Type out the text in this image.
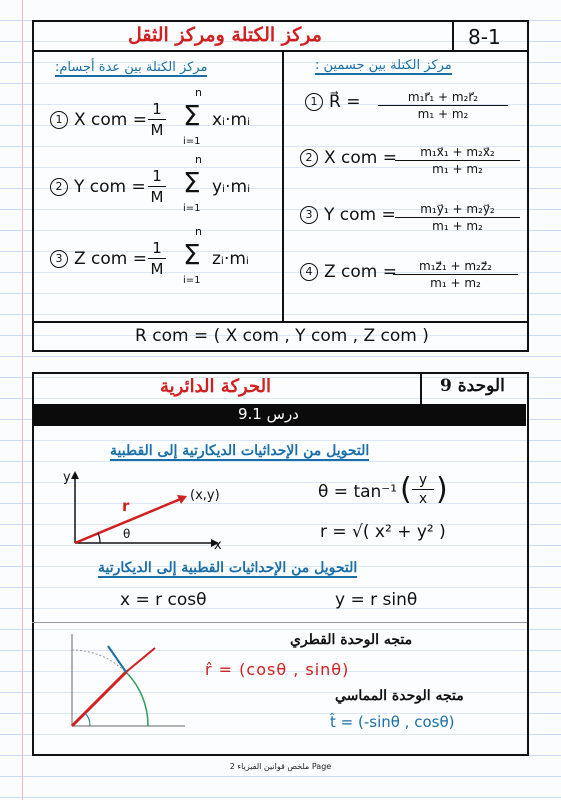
8-1
مركز الكتلة ومركز الثقل
مركز الكتلة بين جسمين :
مركز الكتلة بين عدة أجسام:
1 R⃗ = $\frac{\text{m₁r⃗₁ + m₂r⃗₂}}{\text{m₁ + m₂}}$
2 X com =
$\frac{\text{m₁x⃗₁ + m₂x⃗₂}}{\text{m₁ + m₂}}$
3 Y com = $\frac{\text{m₁y⃗₁ + m₂y⃗₂}}{\text{m₁ + m₂}}$
4 Z com =
$\frac{\text{m₁z⃗₁ + m₂z⃗₂}}{\text{m₁ + m₂}}$
1 X com = $\frac{1}{M}$
n
Σ
i=1
xᵢ·mᵢ
2 Y com = $\frac{1}{M}$
n
Σ
i=1
yᵢ·mᵢ
3 Z com = $\frac{1}{M}$
n
Σ
i=1
zᵢ·mᵢ
R com = ( X com , Y com , Z com )
الوحدة 9
الحركة الدائرية
درس 9.1
التحويل من الإحداثيات الديكارتية إلى القطبية
y
x
(x,y)
r
θ
θ = tan⁻¹ ( $\frac{y}{x}$ )
r = √( x² + y² )
التحويل من الإحداثيات القطبية إلى الديكارتية
x = r cosθ	y = r sinθ
متجه الوحدة القطري
r̂ = (cosθ , sinθ)
متجه الوحدة المماسي
t̂ = (-sinθ , cosθ)
ملخص قوانين الفيزياء 2 Page
